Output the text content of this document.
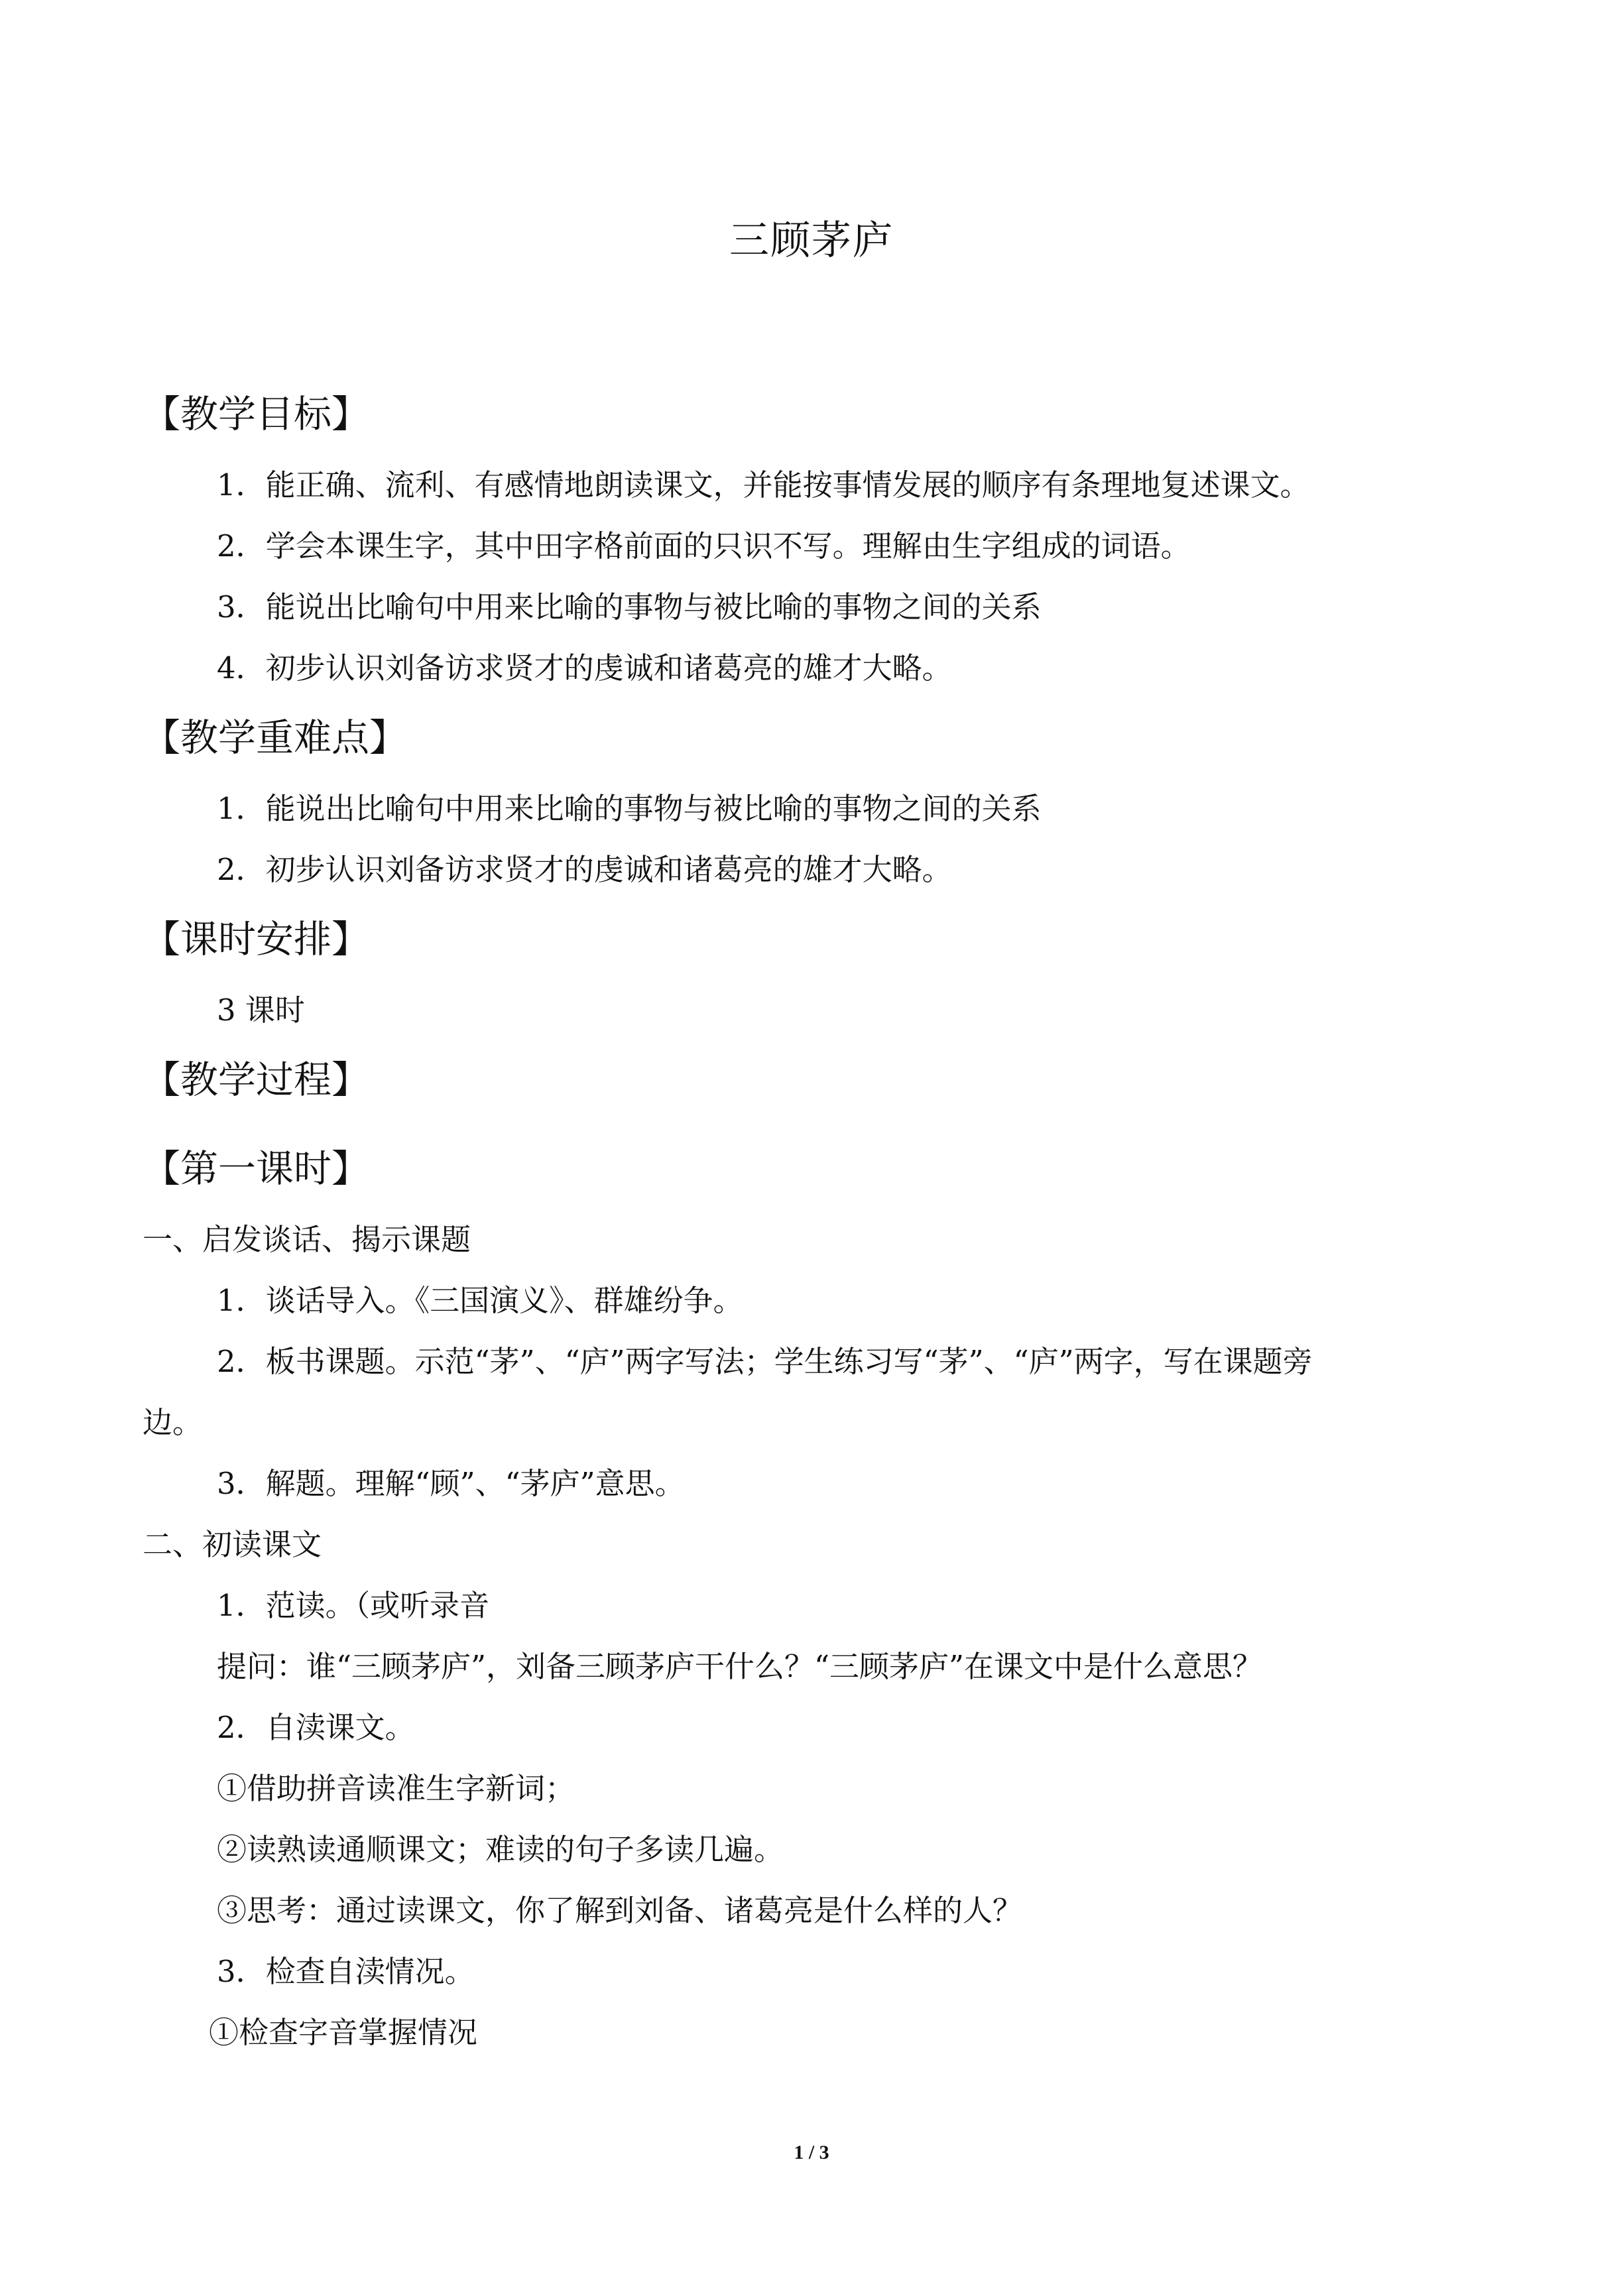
三顾茅庐
【教学目标】
1．能正确、流利、有感情地朗读课文，并能按事情发展的顺序有条理地复述课文。
2．学会本课生字，其中田字格前面的只识不写。理解由生字组成的词语。
3．能说出比喻句中用来比喻的事物与被比喻的事物之间的关系
4．初步认识刘备访求贤才的虔诚和诸葛亮的雄才大略。
【教学重难点】
1．能说出比喻句中用来比喻的事物与被比喻的事物之间的关系
2．初步认识刘备访求贤才的虔诚和诸葛亮的雄才大略。
【课时安排】
3 课时
【教学过程】
【第一课时】
一、启发谈话、揭示课题
1．谈话导入。《三国演义》、群雄纷争。
2．板书课题。示范“茅”、“庐”两字写法；学生练习写“茅”、“庐”两字，写在课题旁
边。
3．解题。理解“顾”、“茅庐”意思。
二、初读课文
1．范读。（或听录音
提问：谁“三顾茅庐”，刘备三顾茅庐干什么？“三顾茅庐”在课文中是什么意思？
2．自渎课文。
①借助拼音读准生字新词；
②读熟读通顺课文；难读的句子多读几遍。
③思考：通过读课文，你了解到刘备、诸葛亮是什么样的人？
3．检查自渎情况。
①检查字音掌握情况
1 / 3
